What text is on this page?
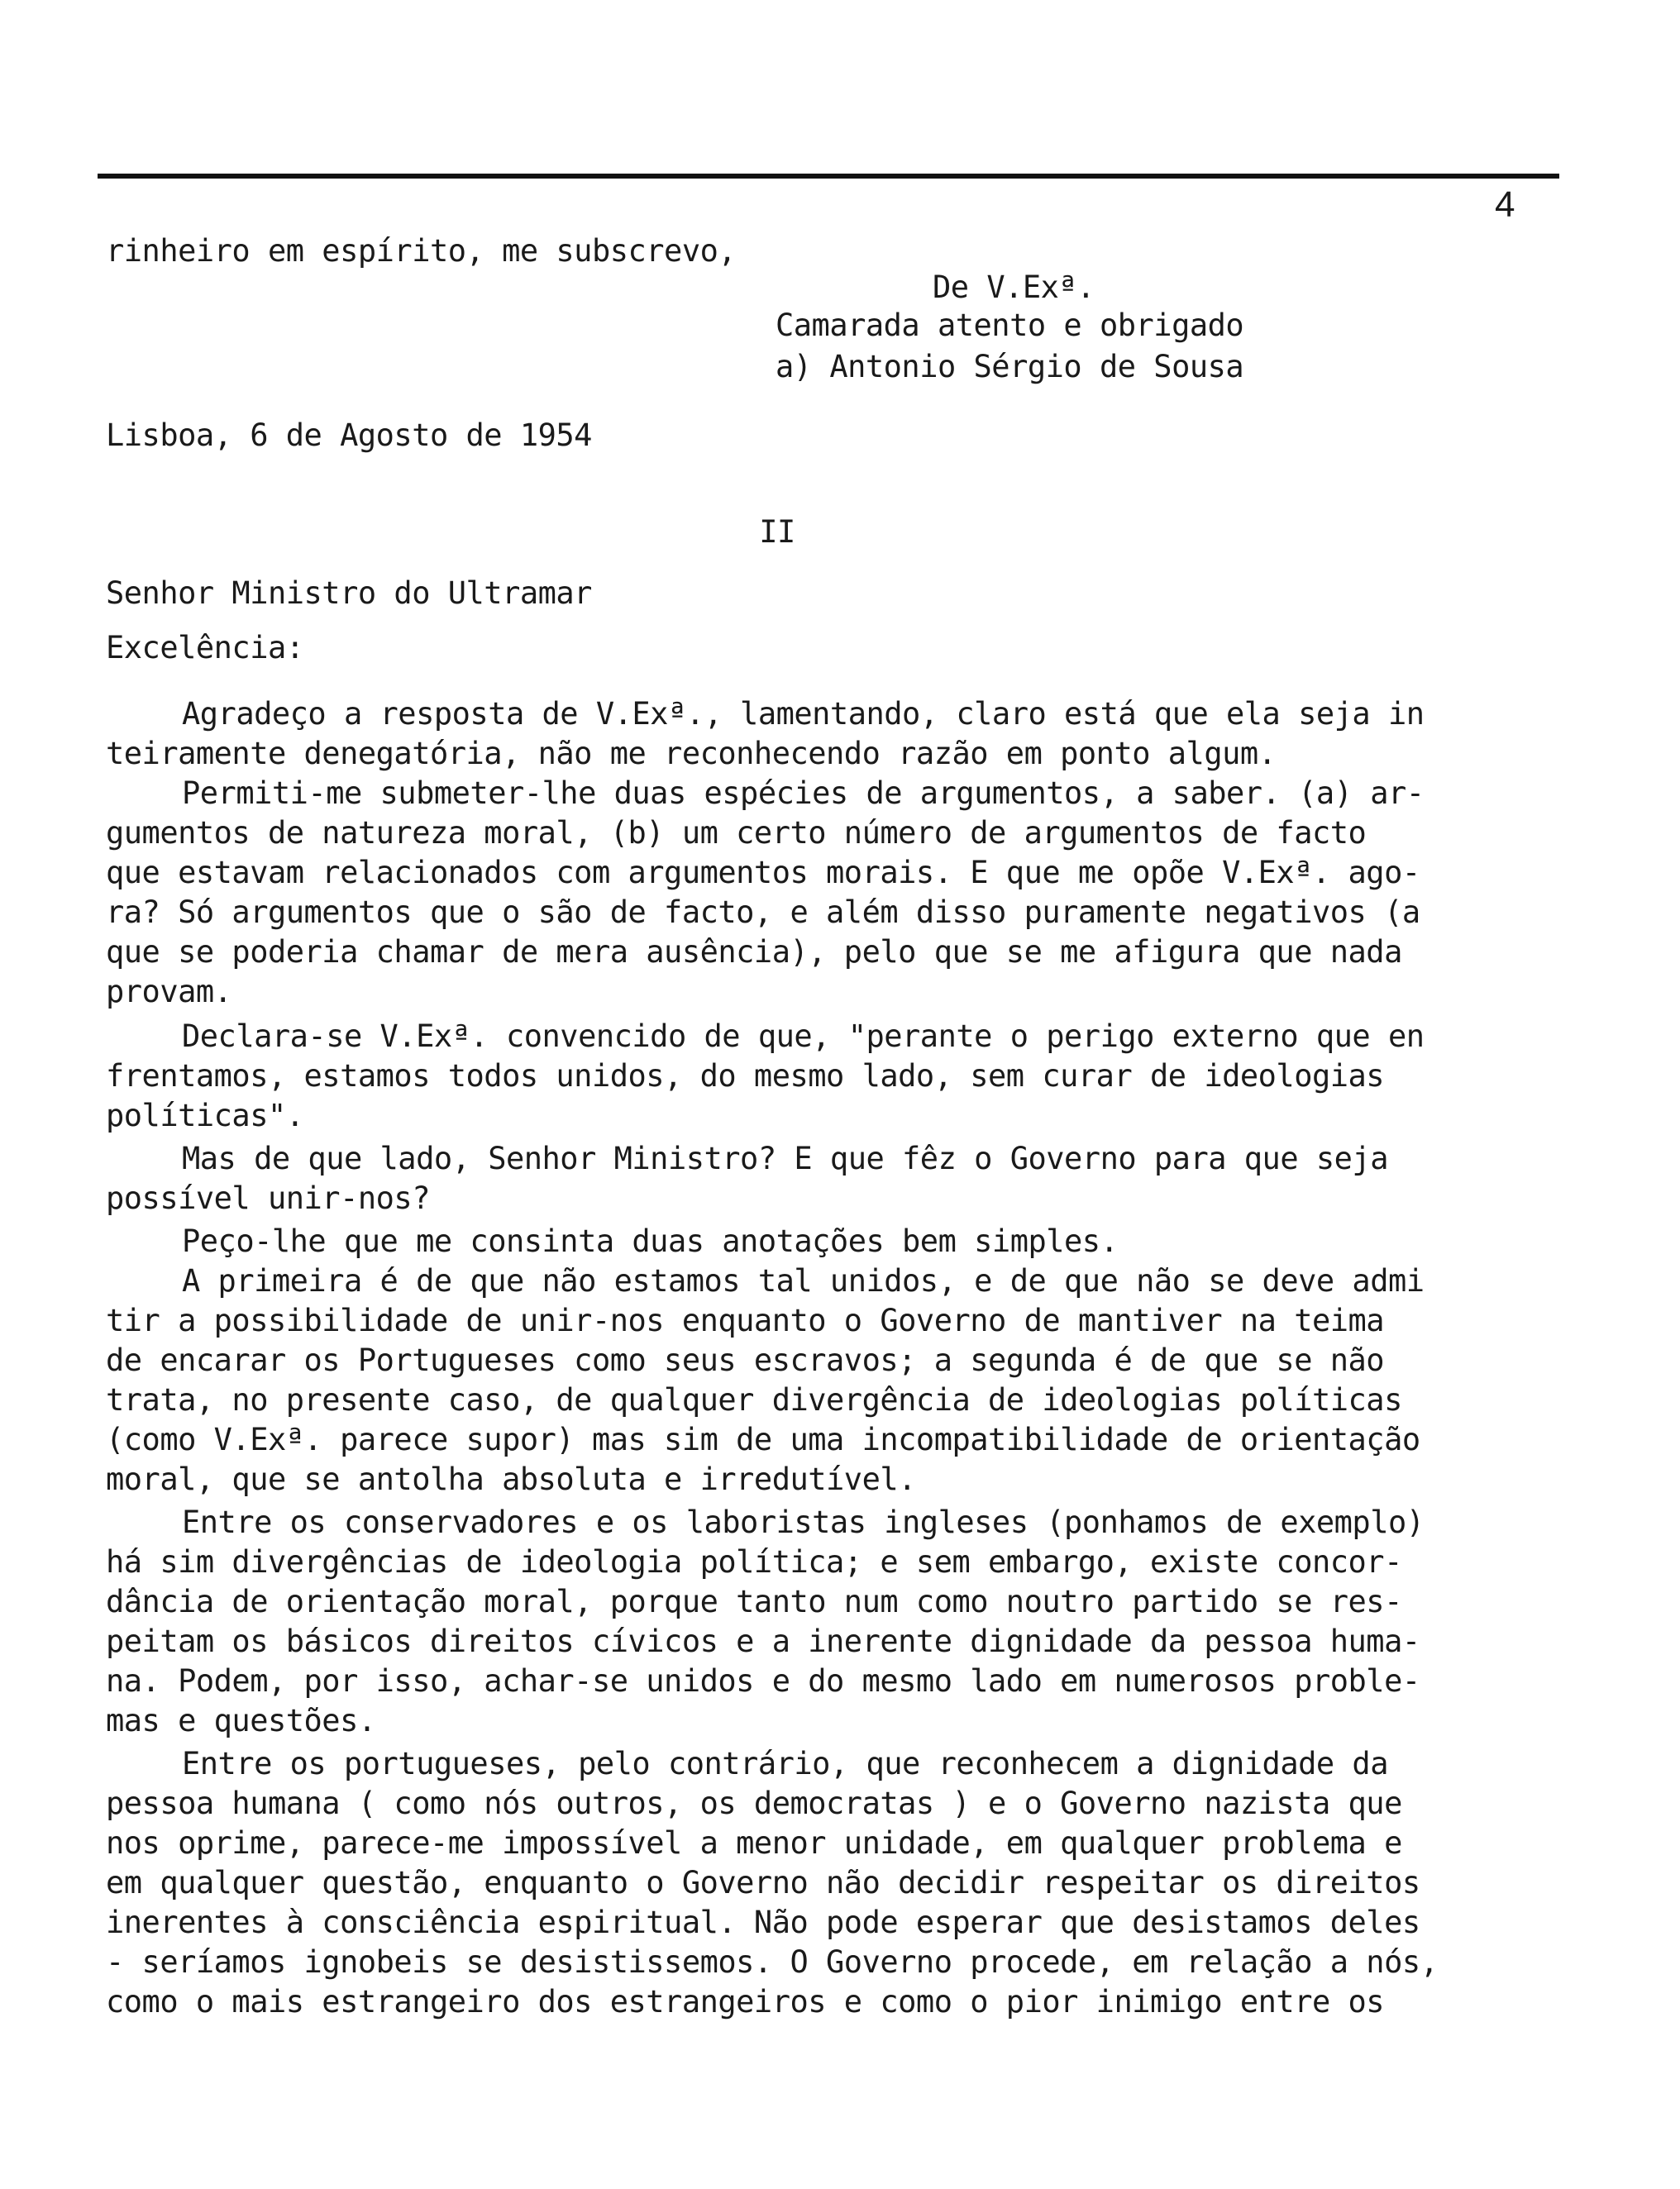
4
rinheiro em espírito, me subscrevo,
De V.Exª.
Camarada atento e obrigado
a) Antonio Sérgio de Sousa
Lisboa, 6 de Agosto de 1954
II
Senhor Ministro do Ultramar
Excelência:
Agradeço a resposta de V.Exª., lamentando, claro está que ela seja in
teiramente denegatória, não me reconhecendo razão em ponto algum.
Permiti-me submeter-lhe duas espécies de argumentos, a saber. (a) ar-
gumentos de natureza moral, (b) um certo número de argumentos de facto
que estavam relacionados com argumentos morais. E que me opõe V.Exª. ago-
ra? Só argumentos que o são de facto, e além disso puramente negativos (a
que se poderia chamar de mera ausência), pelo que se me afigura que nada
provam.
Declara-se V.Exª. convencido de que, "perante o perigo externo que en
frentamos, estamos todos unidos, do mesmo lado, sem curar de ideologias
políticas".
Mas de que lado, Senhor Ministro? E que fêz o Governo para que seja
possível unir-nos?
Peço-lhe que me consinta duas anotações bem simples.
A primeira é de que não estamos tal unidos, e de que não se deve admi
tir a possibilidade de unir-nos enquanto o Governo de mantiver na teima
de encarar os Portugueses como seus escravos; a segunda é de que se não
trata, no presente caso, de qualquer divergência de ideologias políticas
(como V.Exª. parece supor) mas sim de uma incompatibilidade de orientação
moral, que se antolha absoluta e irredutível.
Entre os conservadores e os laboristas ingleses (ponhamos de exemplo)
há sim divergências de ideologia política; e sem embargo, existe concor-
dância de orientação moral, porque tanto num como noutro partido se res-
peitam os básicos direitos cívicos e a inerente dignidade da pessoa huma-
na. Podem, por isso, achar-se unidos e do mesmo lado em numerosos proble-
mas e questões.
Entre os portugueses, pelo contrário, que reconhecem a dignidade da
pessoa humana ( como nós outros, os democratas ) e o Governo nazista que
nos oprime, parece-me impossível a menor unidade, em qualquer problema e
em qualquer questão, enquanto o Governo não decidir respeitar os direitos
inerentes à consciência espiritual. Não pode esperar que desistamos deles
- seríamos ignobeis se desistissemos. O Governo procede, em relação a nós,
como o mais estrangeiro dos estrangeiros e como o pior inimigo entre os
